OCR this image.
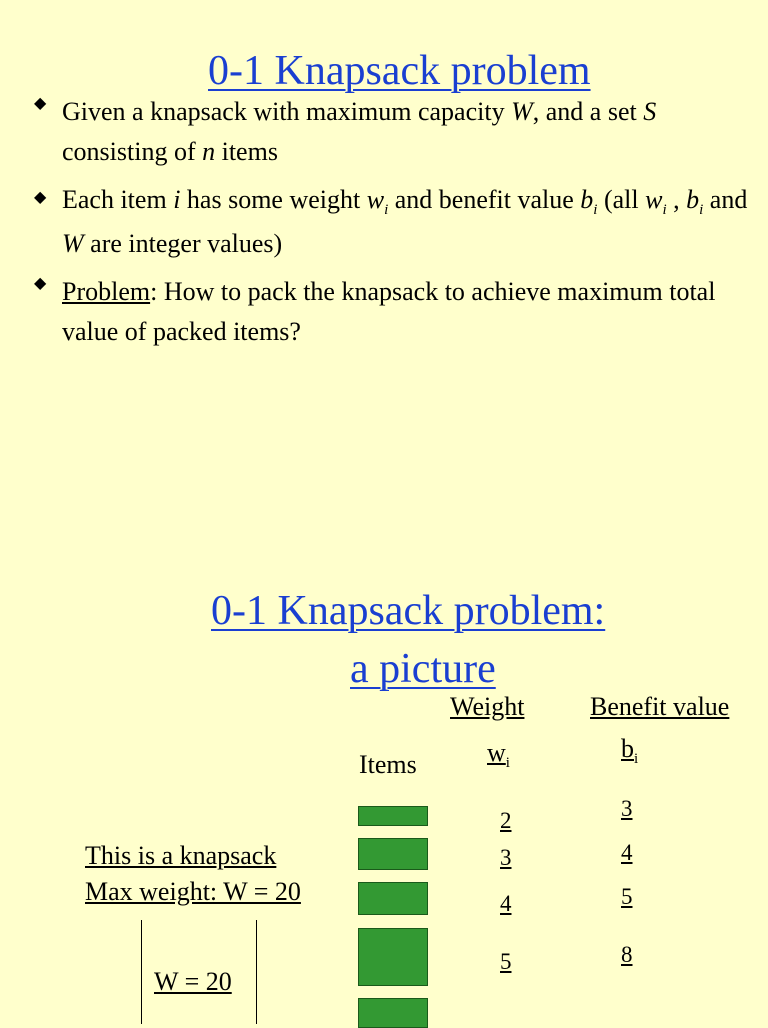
0-1 Knapsack problem
◆ Given a knapsack with maximum capacity W, and a set S consisting of n items
◆ Each item i has some weight $w_i$ and benefit value $b_i$ (all $w_i$ , $b_i$ and W are integer values)
◆ Problem: How to pack the knapsack to achieve maximum total value of packed items?
0-1 Knapsack problem:
a picture
Weight	Benefit value
Items	$w_i$
$b_i$
2
3
4
5
3
4
5
8
This is a knapsack
Max weight: W = 20
W = 20
